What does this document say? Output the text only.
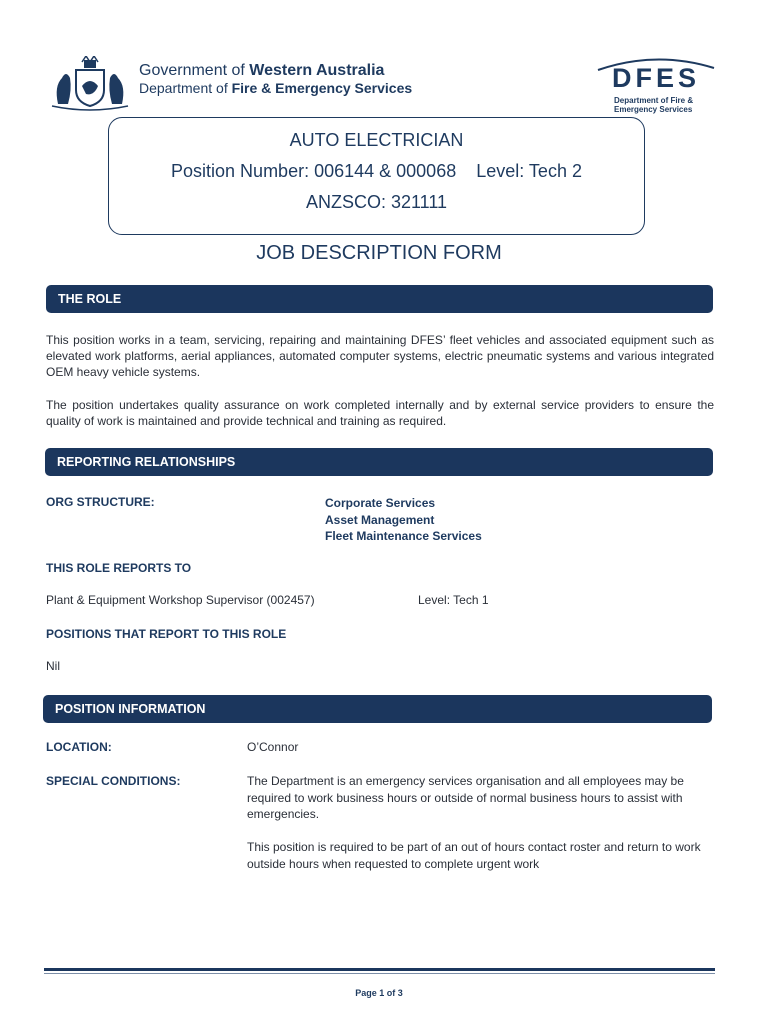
Government of Western Australia
Department of Fire & Emergency Services	DFES
Department of Fire &
Emergency Services
AUTO ELECTRICIAN
Position Number: 006144 & 000068 Level: Tech 2
ANZSCO: 321111
JOB DESCRIPTION FORM
THE ROLE
This position works in a team, servicing, repairing and maintaining DFES’ fleet vehicles and associated equipment such as elevated work platforms, aerial appliances, automated computer systems, electric pneumatic systems and various integrated OEM heavy vehicle systems.
The position undertakes quality assurance on work completed internally and by external service providers to ensure the quality of work is maintained and provide technical and training as required.
REPORTING RELATIONSHIPS
ORG STRUCTURE:	Corporate Services
Asset Management
Fleet Maintenance Services
THIS ROLE REPORTS TO
Plant & Equipment Workshop Supervisor (002457)	Level: Tech 1
POSITIONS THAT REPORT TO THIS ROLE
Nil
POSITION INFORMATION
LOCATION:	O’Connor
SPECIAL CONDITIONS:	The Department is an emergency services organisation and all employees may be required to work business hours or outside of normal business hours to assist with emergencies.
This position is required to be part of an out of hours contact roster and return to work outside hours when requested to complete urgent work
Page 1 of 3
